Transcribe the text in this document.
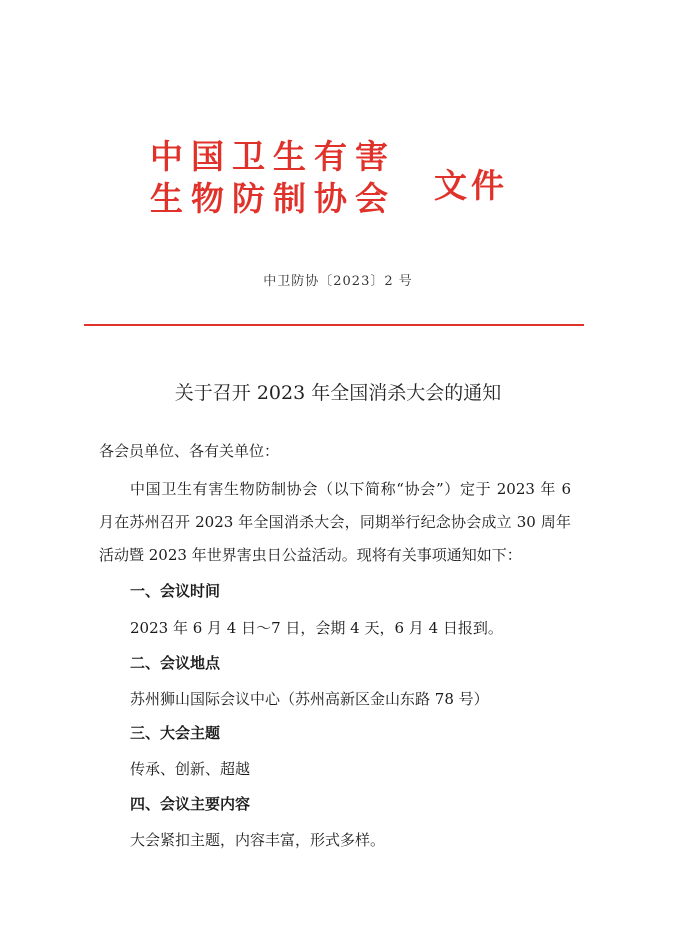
中国卫生有害
生物防制协会 文件
中卫防协〔2023〕2 号
关于召开 2023 年全国消杀大会的通知
各会员单位、各有关单位：
中国卫生有害生物防制协会（以下简称“协会”）定于 2023 年 6 月在苏州召开 2023 年全国消杀大会，同期举行纪念协会成立 30 周年活动暨 2023 年世界害虫日公益活动。现将有关事项通知如下：
一、会议时间
2023 年 6 月 4 日～7 日，会期 4 天，6 月 4 日报到。
二、会议地点
苏州狮山国际会议中心（苏州高新区金山东路 78 号）
三、大会主题
传承、创新、超越
四、会议主要内容
大会紧扣主题，内容丰富，形式多样。
